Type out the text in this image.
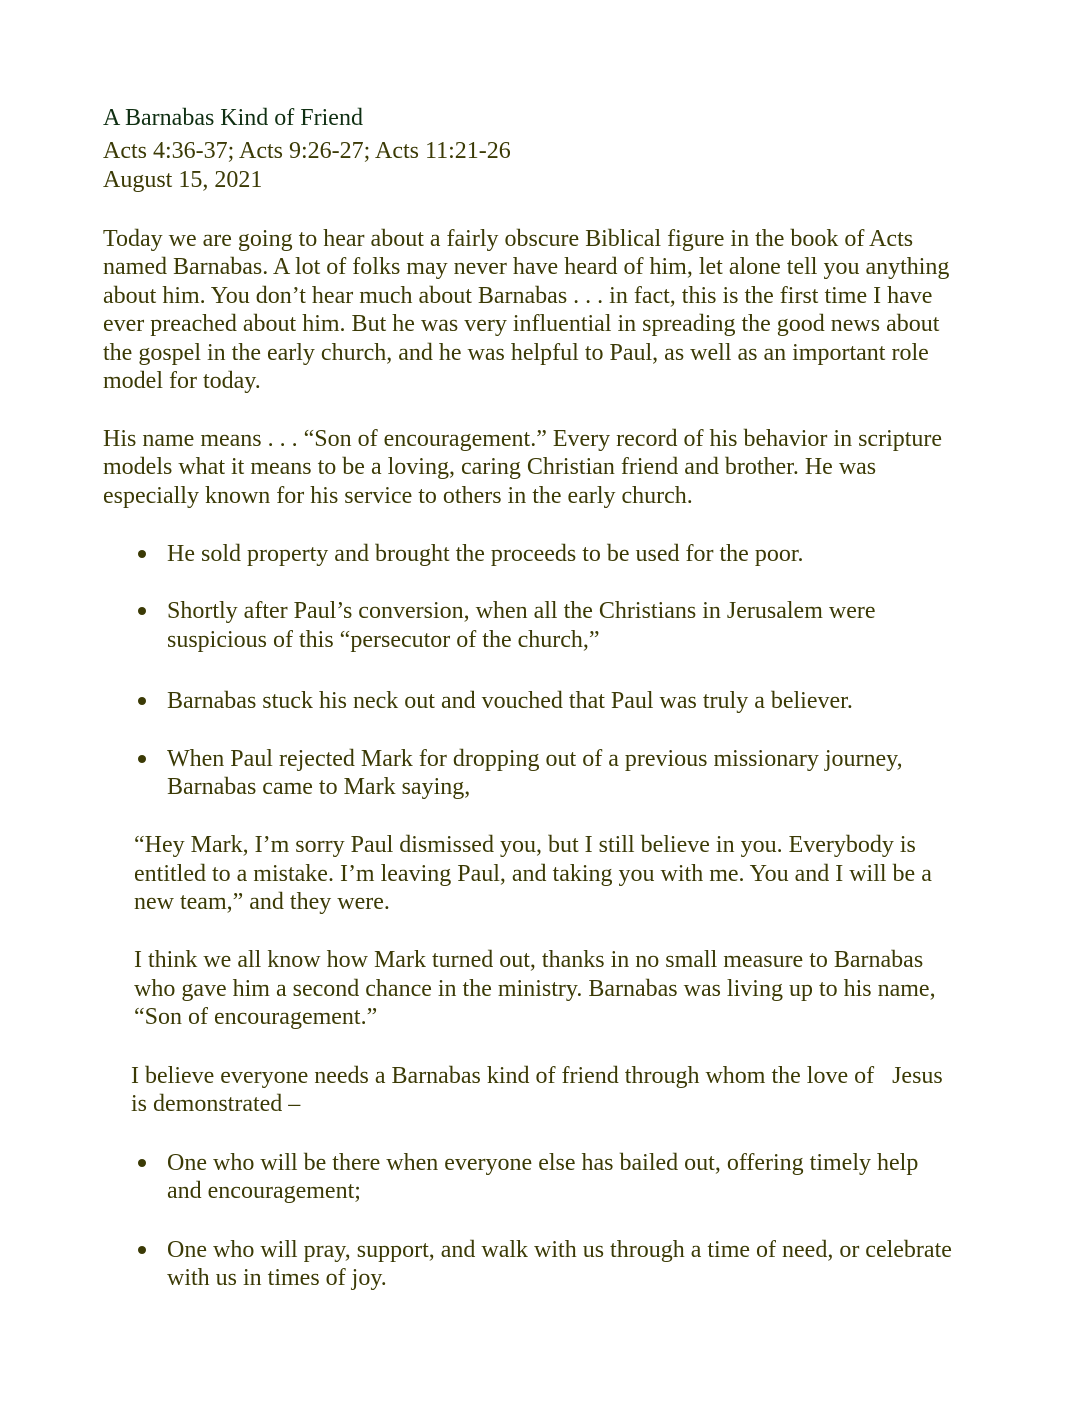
A Barnabas Kind of Friend
Acts 4:36-37; Acts 9:26-27; Acts 11:21-26
August 15, 2021
Today we are going to hear about a fairly obscure Biblical figure in the book of Acts
named Barnabas. A lot of folks may never have heard of him, let alone tell you anything
about him. You don’t hear much about Barnabas . . . in fact, this is the first time I have
ever preached about him. But he was very influential in spreading the good news about
the gospel in the early church, and he was helpful to Paul, as well as an important role
model for today.
His name means . . . “Son of encouragement.” Every record of his behavior in scripture
models what it means to be a loving, caring Christian friend and brother. He was
especially known for his service to others in the early church.
He sold property and brought the proceeds to be used for the poor.
Shortly after Paul’s conversion, when all the Christians in Jerusalem were
suspicious of this “persecutor of the church,”
Barnabas stuck his neck out and vouched that Paul was truly a believer.
When Paul rejected Mark for dropping out of a previous missionary journey,
Barnabas came to Mark saying,
“Hey Mark, I’m sorry Paul dismissed you, but I still believe in you. Everybody is
entitled to a mistake. I’m leaving Paul, and taking you with me. You and I will be a
new team,” and they were.
I think we all know how Mark turned out, thanks in no small measure to Barnabas
who gave him a second chance in the ministry. Barnabas was living up to his name,
“Son of encouragement.”
I believe everyone needs a Barnabas kind of friend through whom the love of   Jesus
is demonstrated –
One who will be there when everyone else has bailed out, offering timely help
and encouragement;
One who will pray, support, and walk with us through a time of need, or celebrate
with us in times of joy.
